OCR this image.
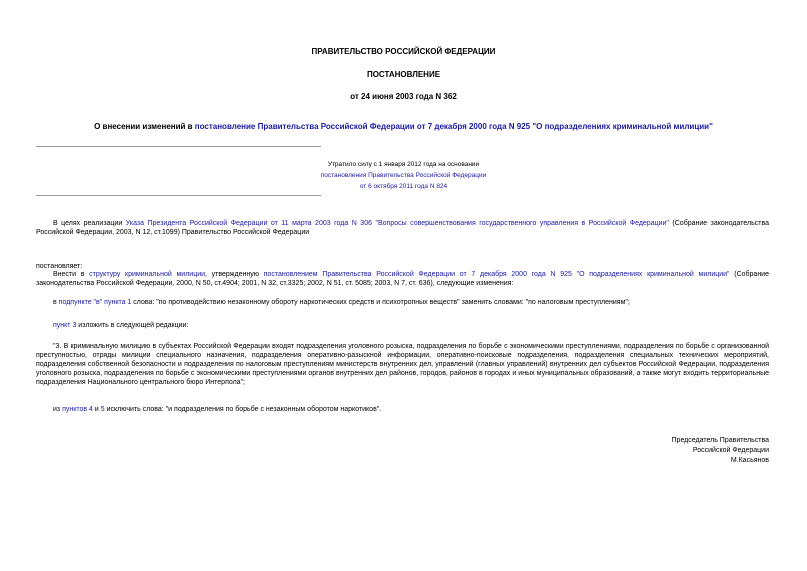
ПРАВИТЕЛЬСТВО РОССИЙСКОЙ ФЕДЕРАЦИИ
ПОСТАНОВЛЕНИЕ
от 24 июня 2003 года N 362
О внесении изменений в постановление Правительства Российской Федерации от 7 декабря 2000 года N 925 "О подразделениях криминальной милиции"
Утратило силу с 1 января 2012 года на основании
постановления Правительства Российской Федерации
от 6 октября 2011 года N 824
В целях реализации Указа Президента Российской Федерации от 11 марта 2003 года N 306 "Вопросы совершенствования государственного управления в Российской Федерации" (Собрание законодательства Российской Федерации, 2003, N 12, ст.1099) Правительство Российской Федерации
постановляет:
Внести в структуру криминальной милиции, утвержденную постановлением Правительства Российской Федерации от 7 декабря 2000 года N 925 "О подразделениях криминальной милиции" (Собрание законодательства Российской Федерации, 2000, N 50, ст.4904; 2001, N 32, ст.3325; 2002, N 51, ст. 5085; 2003, N 7, ст. 636), следующие изменения:
в подпункте "в" пункта 1 слова: "по противодействию незаконному обороту наркотических средств и психотропных веществ" заменить словами: "по налоговым преступлениям";
пункт 3 изложить в следующей редакции:
"3. В криминальную милицию в субъектах Российской Федерации входят подразделения уголовного розыска, подразделения по борьбе с экономическими преступлениями, подразделения по борьбе с организованной преступностью, отряды милиции специального назначения, подразделения оперативно-разыскной информации, оперативно-поисковые подразделения, подразделения специальных технических мероприятий, подразделения собственной безопасности и подразделения по налоговым преступлениям министерств внутренних дел, управлений (главных управлений) внутренних дел субъектов Российской Федерации, подразделения уголовного розыска, подразделения по борьбе с экономическими преступлениями органов внутренних дел районов, городов, районов в городах и иных муниципальных образований, а также могут входить территориальные подразделения Национального центрального бюро Интерпола";
из пунктов 4 и 5 исключить слова: "и подразделения по борьбе с незаконным оборотом наркотиков".
Председатель Правительства
Российской Федерации
М.Касьянов
